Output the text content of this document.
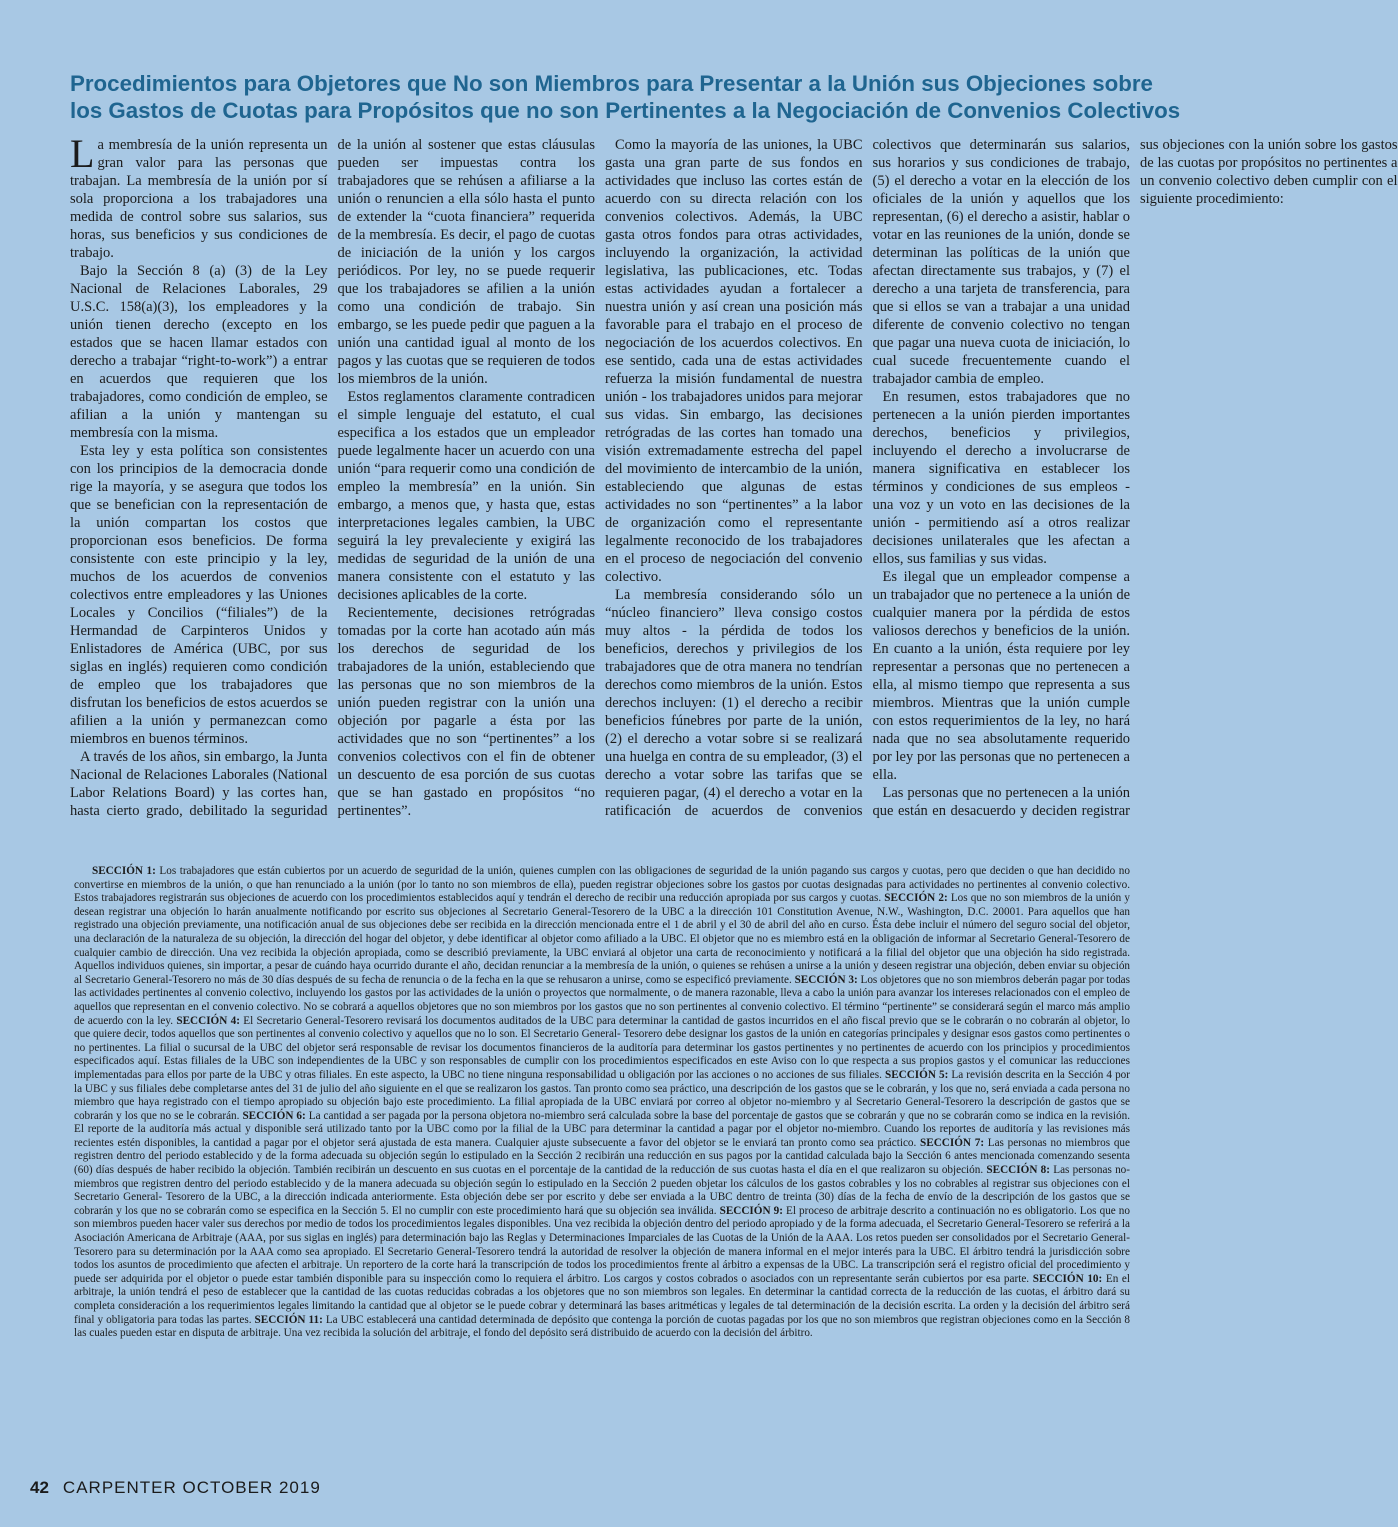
Procedimientos para Objetores que No son Miembros para Presentar a la Unión sus Objeciones sobre
los Gastos de Cuotas para Propósitos que no son Pertinentes a la Negociación de Convenios Colectivos

La membresía de la unión representa un gran valor para las personas que trabajan. La membresía de la unión por sí sola proporciona a los trabajadores una medida de control sobre sus salarios, sus horas, sus beneficios y sus condiciones de trabajo.

Bajo la Sección 8 (a) (3) de la Ley Nacional de Relaciones Laborales, 29 U.S.C. 158(a)(3), los empleadores y la unión tienen derecho (excepto en los estados que se hacen llamar estados con derecho a trabajar “right-to-work”) a entrar en acuerdos que requieren que los trabajadores, como condición de empleo, se afilian a la unión y mantengan su membresía con la misma.

Esta ley y esta política son consistentes con los principios de la democracia donde rige la mayoría, y se asegura que todos los que se benefician con la representación de la unión compartan los costos que proporcionan esos beneficios. De forma consistente con este principio y la ley, muchos de los acuerdos de convenios colectivos entre empleadores y las Uniones Locales y Concilios (“filiales”) de la Hermandad de Carpinteros Unidos y Enlistadores de América (UBC, por sus siglas en inglés) requieren como condición de empleo que los trabajadores que disfrutan los beneficios de estos acuerdos se afilien a la unión y permanezcan como miembros en buenos términos.

A través de los años, sin embargo, la Junta Nacional de Relaciones Laborales (National Labor Relations Board) y las cortes han, hasta cierto grado, debilitado la seguridad de la unión al sostener que estas cláusulas pueden ser impuestas contra los trabajadores que se rehúsen a afiliarse a la unión o renuncien a ella sólo hasta el punto de extender la “cuota financiera” requerida de la membresía. Es decir, el pago de cuotas de iniciación de la unión y los cargos periódicos. Por ley, no se puede requerir que los trabajadores se afilien a la unión como una condición de trabajo. Sin embargo, se les puede pedir que paguen a la unión una cantidad igual al monto de los pagos y las cuotas que se requieren de todos los miembros de la unión.

Estos reglamentos claramente contradicen el simple lenguaje del estatuto, el cual especifica a los estados que un empleador puede legalmente hacer un acuerdo con una unión “para requerir como una condición de empleo la membresía” en la unión. Sin embargo, a menos que, y hasta que, estas interpretaciones legales cambien, la UBC seguirá la ley prevaleciente y exigirá las medidas de seguridad de la unión de una manera consistente con el estatuto y las decisiones aplicables de la corte.

Recientemente, decisiones retrógradas tomadas por la corte han acotado aún más los derechos de seguridad de los trabajadores de la unión, estableciendo que las personas que no son miembros de la unión pueden registrar con la unión una objeción por pagarle a ésta por las actividades que no son “pertinentes” a los convenios colectivos con el fin de obtener un descuento de esa porción de sus cuotas que se han gastado en propósitos “no pertinentes”.

Como la mayoría de las uniones, la UBC gasta una gran parte de sus fondos en actividades que incluso las cortes están de acuerdo con su directa relación con los convenios colectivos. Además, la UBC gasta otros fondos para otras actividades, incluyendo la organización, la actividad legislativa, las publicaciones, etc. Todas estas actividades ayudan a fortalecer a nuestra unión y así crean una posición más favorable para el trabajo en el proceso de negociación de los acuerdos colectivos. En ese sentido, cada una de estas actividades refuerza la misión fundamental de nuestra unión - los trabajadores unidos para mejorar sus vidas. Sin embargo, las decisiones retrógradas de las cortes han tomado una visión extremadamente estrecha del papel del movimiento de intercambio de la unión, estableciendo que algunas de estas actividades no son “pertinentes” a la labor de organización como el representante legalmente reconocido de los trabajadores en el proceso de negociación del convenio colectivo.

La membresía considerando sólo un “núcleo financiero” lleva consigo costos muy altos - la pérdida de todos los beneficios, derechos y privilegios de los trabajadores que de otra manera no tendrían derechos como miembros de la unión. Estos derechos incluyen: (1) el derecho a recibir beneficios fúnebres por parte de la unión, (2) el derecho a votar sobre si se realizará una huelga en contra de su empleador, (3) el derecho a votar sobre las tarifas que se requieren pagar, (4) el derecho a votar en la ratificación de acuerdos de convenios colectivos que determinarán sus salarios, sus horarios y sus condiciones de trabajo, (5) el derecho a votar en la elección de los oficiales de la unión y aquellos que los representan, (6) el derecho a asistir, hablar o votar en las reuniones de la unión, donde se determinan las políticas de la unión que afectan directamente sus trabajos, y (7) el derecho a una tarjeta de transferencia, para que si ellos se van a trabajar a una unidad diferente de convenio colectivo no tengan que pagar una nueva cuota de iniciación, lo cual sucede frecuentemente cuando el trabajador cambia de empleo.

En resumen, estos trabajadores que no pertenecen a la unión pierden importantes derechos, beneficios y privilegios, incluyendo el derecho a involucrarse de manera significativa en establecer los términos y condiciones de sus empleos - una voz y un voto en las decisiones de la unión - permitiendo así a otros realizar decisiones unilaterales que les afectan a ellos, sus familias y sus vidas.

Es ilegal que un empleador compense a un trabajador que no pertenece a la unión de cualquier manera por la pérdida de estos valiosos derechos y beneficios de la unión. En cuanto a la unión, ésta requiere por ley representar a personas que no pertenecen a ella, al mismo tiempo que representa a sus miembros. Mientras que la unión cumple con estos requerimientos de la ley, no hará nada que no sea absolutamente requerido por ley por las personas que no pertenecen a ella.

Las personas que no pertenecen a la unión que están en desacuerdo y deciden registrar sus objeciones con la unión sobre los gastos de las cuotas por propósitos no pertinentes a un convenio colectivo deben cumplir con el siguiente procedimiento:

SECCIÓN 1: Los trabajadores que están cubiertos por un acuerdo de seguridad de la unión, quienes cumplen con las obligaciones de seguridad de la unión pagando sus cargos y cuotas, pero que deciden o que han decidido no convertirse en miembros de la unión, o que han renunciado a la unión (por lo tanto no son miembros de ella), pueden registrar objeciones sobre los gastos por cuotas designadas para actividades no pertinentes al convenio colectivo. Estos trabajadores registrarán sus objeciones de acuerdo con los procedimientos establecidos aquí y tendrán el derecho de recibir una reducción apropiada por sus cargos y cuotas. SECCIÓN 2: Los que no son miembros de la unión y desean registrar una objeción lo harán anualmente notificando por escrito sus objeciones al Secretario General-Tesorero de la UBC a la dirección 101 Constitution Avenue, N.W., Washington, D.C. 20001. Para aquellos que han registrado una objeción previamente, una notificación anual de sus objeciones debe ser recibida en la dirección mencionada entre el 1 de abril y el 30 de abril del año en curso. Ésta debe incluir el número del seguro social del objetor, una declaración de la naturaleza de su objeción, la dirección del hogar del objetor, y debe identificar al objetor como afiliado a la UBC. El objetor que no es miembro está en la obligación de informar al Secretario General-Tesorero de cualquier cambio de dirección. Una vez recibida la objeción apropiada, como se describió previamente, la UBC enviará al objetor una carta de reconocimiento y notificará a la filial del objetor que una objeción ha sido registrada. Aquellos individuos quienes, sin importar, a pesar de cuándo haya ocurrido durante el año, decidan renunciar a la membresía de la unión, o quienes se rehúsen a unirse a la unión y deseen registrar una objeción, deben enviar su objeción al Secretario General-Tesorero no más de 30 días después de su fecha de renuncia o de la fecha en la que se rehusaron a unirse, como se especificó previamente. SECCIÓN 3: Los objetores que no son miembros deberán pagar por todas las actividades pertinentes al convenio colectivo, incluyendo los gastos por las actividades de la unión o proyectos que normalmente, o de manera razonable, lleva a cabo la unión para avanzar los intereses relacionados con el empleo de aquellos que representan en el convenio colectivo. No se cobrará a aquellos objetores que no son miembros por los gastos que no son pertinentes al convenio colectivo. El término “pertinente” se considerará según el marco más amplio de acuerdo con la ley. SECCIÓN 4: El Secretario General-Tesorero revisará los documentos auditados de la UBC para determinar la cantidad de gastos incurridos en el año fiscal previo que se le cobrarán o no cobrarán al objetor, lo que quiere decir, todos aquellos que son pertinentes al convenio colectivo y aquellos que no lo son. El Secretario General- Tesorero debe designar los gastos de la unión en categorías principales y designar esos gastos como pertinentes o no pertinentes. La filial o sucursal de la UBC del objetor será responsable de revisar los documentos financieros de la auditoría para determinar los gastos pertinentes y no pertinentes de acuerdo con los principios y procedimientos especificados aquí. Estas filiales de la UBC son independientes de la UBC y son responsables de cumplir con los procedimientos especificados en este Aviso con lo que respecta a sus propios gastos y el comunicar las reducciones implementadas para ellos por parte de la UBC y otras filiales. En este aspecto, la UBC no tiene ninguna responsabilidad u obligación por las acciones o no acciones de sus filiales. SECCIÓN 5: La revisión descrita en la Sección 4 por la UBC y sus filiales debe completarse antes del 31 de julio del año siguiente en el que se realizaron los gastos. Tan pronto como sea práctico, una descripción de los gastos que se le cobrarán, y los que no, será enviada a cada persona no miembro que haya registrado con el tiempo apropiado su objeción bajo este procedimiento. La filial apropiada de la UBC enviará por correo al objetor no-miembro y al Secretario General-Tesorero la descripción de gastos que se cobrarán y los que no se le cobrarán. SECCIÓN 6: La cantidad a ser pagada por la persona objetora no-miembro será calculada sobre la base del porcentaje de gastos que se cobrarán y que no se cobrarán como se indica en la revisión. El reporte de la auditoría más actual y disponible será utilizado tanto por la UBC como por la filial de la UBC para determinar la cantidad a pagar por el objetor no-miembro. Cuando los reportes de auditoría y las revisiones más recientes estén disponibles, la cantidad a pagar por el objetor será ajustada de esta manera. Cualquier ajuste subsecuente a favor del objetor se le enviará tan pronto como sea práctico. SECCIÓN 7: Las personas no miembros que registren dentro del periodo establecido y de la forma adecuada su objeción según lo estipulado en la Sección 2 recibirán una reducción en sus pagos por la cantidad calculada bajo la Sección 6 antes mencionada comenzando sesenta (60) días después de haber recibido la objeción. También recibirán un descuento en sus cuotas en el porcentaje de la cantidad de la reducción de sus cuotas hasta el día en el que realizaron su objeción. SECCIÓN 8: Las personas no-miembros que registren dentro del periodo establecido y de la manera adecuada su objeción según lo estipulado en la Sección 2 pueden objetar los cálculos de los gastos cobrables y los no cobrables al registrar sus objeciones con el Secretario General- Tesorero de la UBC, a la dirección indicada anteriormente. Esta objeción debe ser por escrito y debe ser enviada a la UBC dentro de treinta (30) días de la fecha de envío de la descripción de los gastos que se cobrarán y los que no se cobrarán como se especifica en la Sección 5. El no cumplir con este procedimiento hará que su objeción sea inválida. SECCIÓN 9: El proceso de arbitraje descrito a continuación no es obligatorio. Los que no son miembros pueden hacer valer sus derechos por medio de todos los procedimientos legales disponibles. Una vez recibida la objeción dentro del periodo apropiado y de la forma adecuada, el Secretario General-Tesorero se referirá a la Asociación Americana de Arbitraje (AAA, por sus siglas en inglés) para determinación bajo las Reglas y Determinaciones Imparciales de las Cuotas de la Unión de la AAA. Los retos pueden ser consolidados por el Secretario General-Tesorero para su determinación por la AAA como sea apropiado. El Secretario General-Tesorero tendrá la autoridad de resolver la objeción de manera informal en el mejor interés para la UBC. El árbitro tendrá la jurisdicción sobre todos los asuntos de procedimiento que afecten el arbitraje. Un reportero de la corte hará la transcripción de todos los procedimientos frente al árbitro a expensas de la UBC. La transcripción será el registro oficial del procedimiento y puede ser adquirida por el objetor o puede estar también disponible para su inspección como lo requiera el árbitro. Los cargos y costos cobrados o asociados con un representante serán cubiertos por esa parte. SECCIÓN 10: En el arbitraje, la unión tendrá el peso de establecer que la cantidad de las cuotas reducidas cobradas a los objetores que no son miembros son legales. En determinar la cantidad correcta de la reducción de las cuotas, el árbitro dará su completa consideración a los requerimientos legales limitando la cantidad que al objetor se le puede cobrar y determinará las bases aritméticas y legales de tal determinación de la decisión escrita. La orden y la decisión del árbitro será final y obligatoria para todas las partes. SECCIÓN 11: La UBC establecerá una cantidad determinada de depósito que contenga la porción de cuotas pagadas por los que no son miembros que registran objeciones como en la Sección 8 las cuales pueden estar en disputa de arbitraje. Una vez recibida la solución del arbitraje, el fondo del depósito será distribuido de acuerdo con la decisión del árbitro.
42 CARPENTER OCTOBER 2019
